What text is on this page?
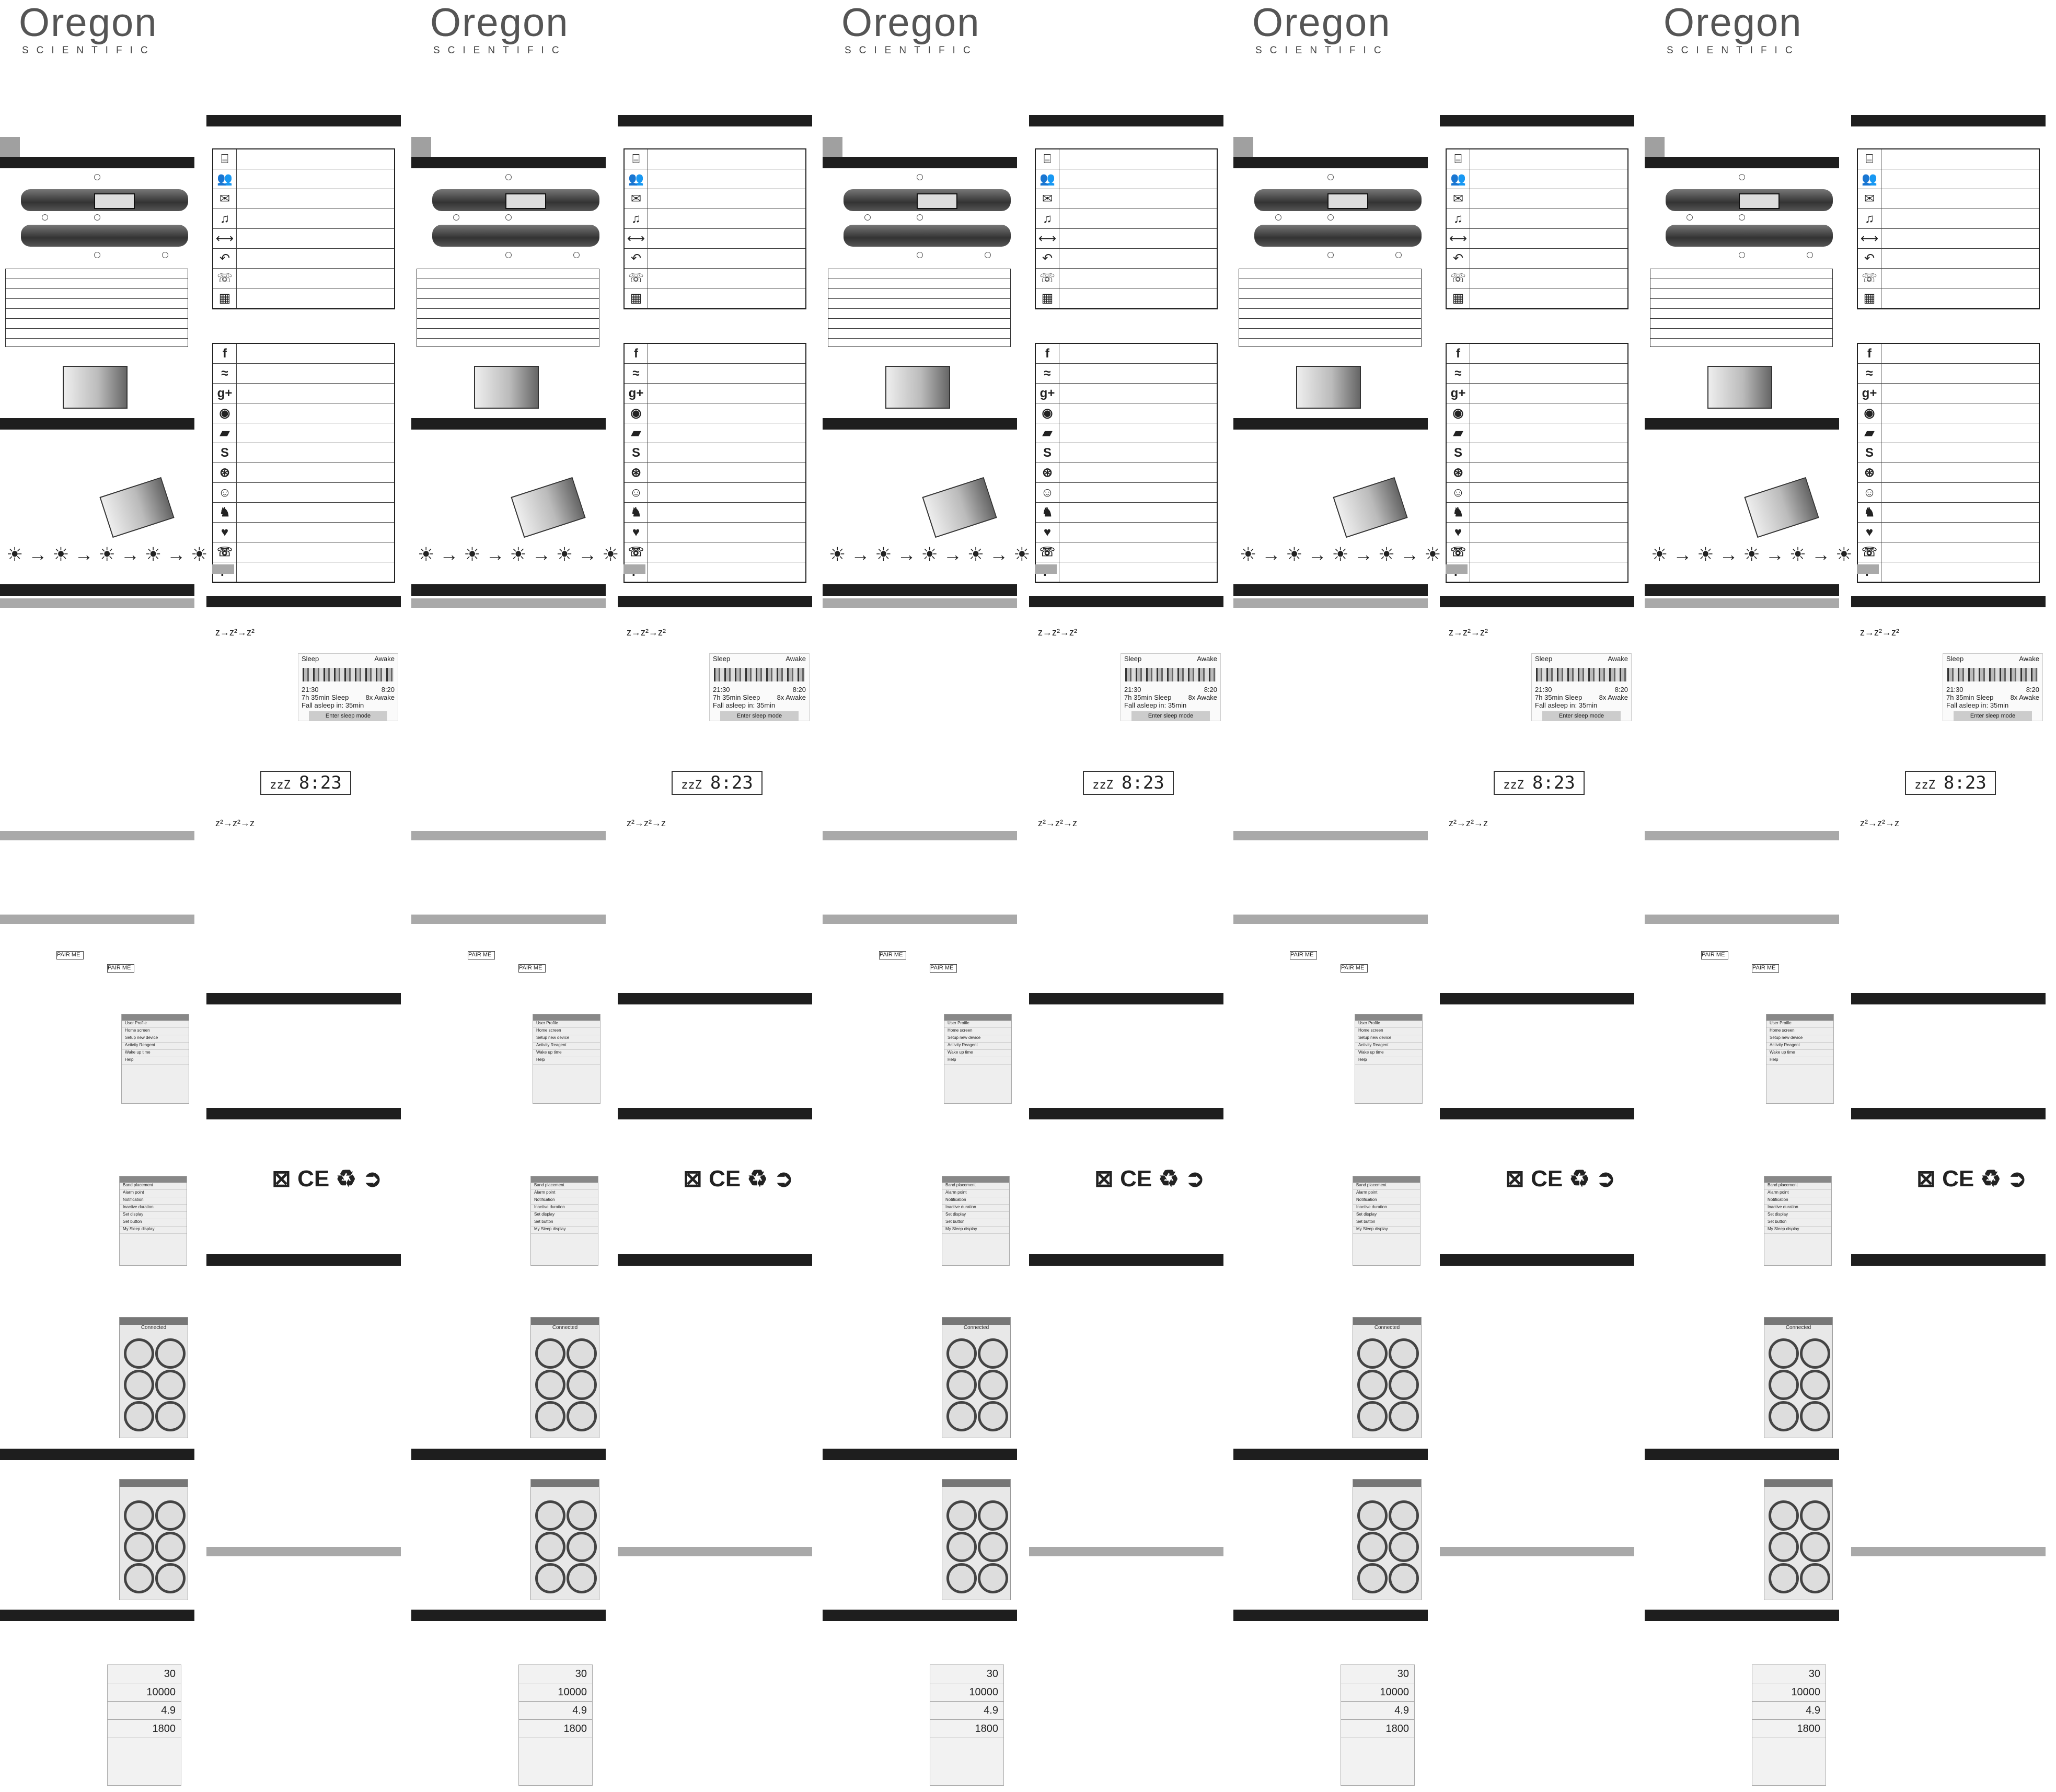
Oregon
SCIENTIFIC
☀ → ☀ → ☀ → ☀ → ☀
PAIR ME
PAIR ME
User Profile
Home screen
Setup new device
Activity Reagent
Wake up time
Help
Band placement
Alarm point
Notification
Inactive duration
Set display
Set button
My Sleep display
Connected
30
10000
4.9
1800
⌸
👥
✉
♫
⟷
↶
☏
▦
f
≈
g+
◉
▰
S
⊛
☺
♞
♥
☏
z→z²→z²
Sleep	Awake
21:30	8:20
7h 35min Sleep 8x Awake
Fall asleep in: 35min
Enter sleep mode
zzZ 8:23
z²→z²→z
⊠ CE ♻ ➲
Oregon
SCIENTIFIC
☀ → ☀ → ☀ → ☀ → ☀
PAIR ME
PAIR ME
User Profile
Home screen
Setup new device
Activity Reagent
Wake up time
Help
Band placement
Alarm point
Notification
Inactive duration
Set display
Set button
My Sleep display
Connected
30
10000
4.9
1800
⌸
👥
✉
♫
⟷
↶
☏
▦
f
≈
g+
◉
▰
S
⊛
☺
♞
♥
☏
z→z²→z²
Sleep	Awake
21:30	8:20
7h 35min Sleep 8x Awake
Fall asleep in: 35min
Enter sleep mode
zzZ 8:23
z²→z²→z
⊠ CE ♻ ➲
Oregon
SCIENTIFIC
☀ → ☀ → ☀ → ☀ → ☀
PAIR ME
PAIR ME
User Profile
Home screen
Setup new device
Activity Reagent
Wake up time
Help
Band placement
Alarm point
Notification
Inactive duration
Set display
Set button
My Sleep display
Connected
30
10000
4.9
1800
⌸
👥
✉
♫
⟷
↶
☏
▦
f
≈
g+
◉
▰
S
⊛
☺
♞
♥
☏
z→z²→z²
Sleep	Awake
21:30	8:20
7h 35min Sleep 8x Awake
Fall asleep in: 35min
Enter sleep mode
zzZ 8:23
z²→z²→z
⊠ CE ♻ ➲
Oregon
SCIENTIFIC
☀ → ☀ → ☀ → ☀ → ☀
PAIR ME
PAIR ME
User Profile
Home screen
Setup new device
Activity Reagent
Wake up time
Help
Band placement
Alarm point
Notification
Inactive duration
Set display
Set button
My Sleep display
Connected
30
10000
4.9
1800
⌸
👥
✉
♫
⟷
↶
☏
▦
f
≈
g+
◉
▰
S
⊛
☺
♞
♥
☏
z→z²→z²
Sleep	Awake
21:30	8:20
7h 35min Sleep 8x Awake
Fall asleep in: 35min
Enter sleep mode
zzZ 8:23
z²→z²→z
⊠ CE ♻ ➲
Oregon
SCIENTIFIC
☀ → ☀ → ☀ → ☀ → ☀
PAIR ME
PAIR ME
User Profile
Home screen
Setup new device
Activity Reagent
Wake up time
Help
Band placement
Alarm point
Notification
Inactive duration
Set display
Set button
My Sleep display
Connected
30
10000
4.9
1800
⌸
👥
✉
♫
⟷
↶
☏
▦
f
≈
g+
◉
▰
S
⊛
☺
♞
♥
☏
z→z²→z²
Sleep	Awake
21:30	8:20
7h 35min Sleep 8x Awake
Fall asleep in: 35min
Enter sleep mode
zzZ 8:23
z²→z²→z
⊠ CE ♻ ➲
